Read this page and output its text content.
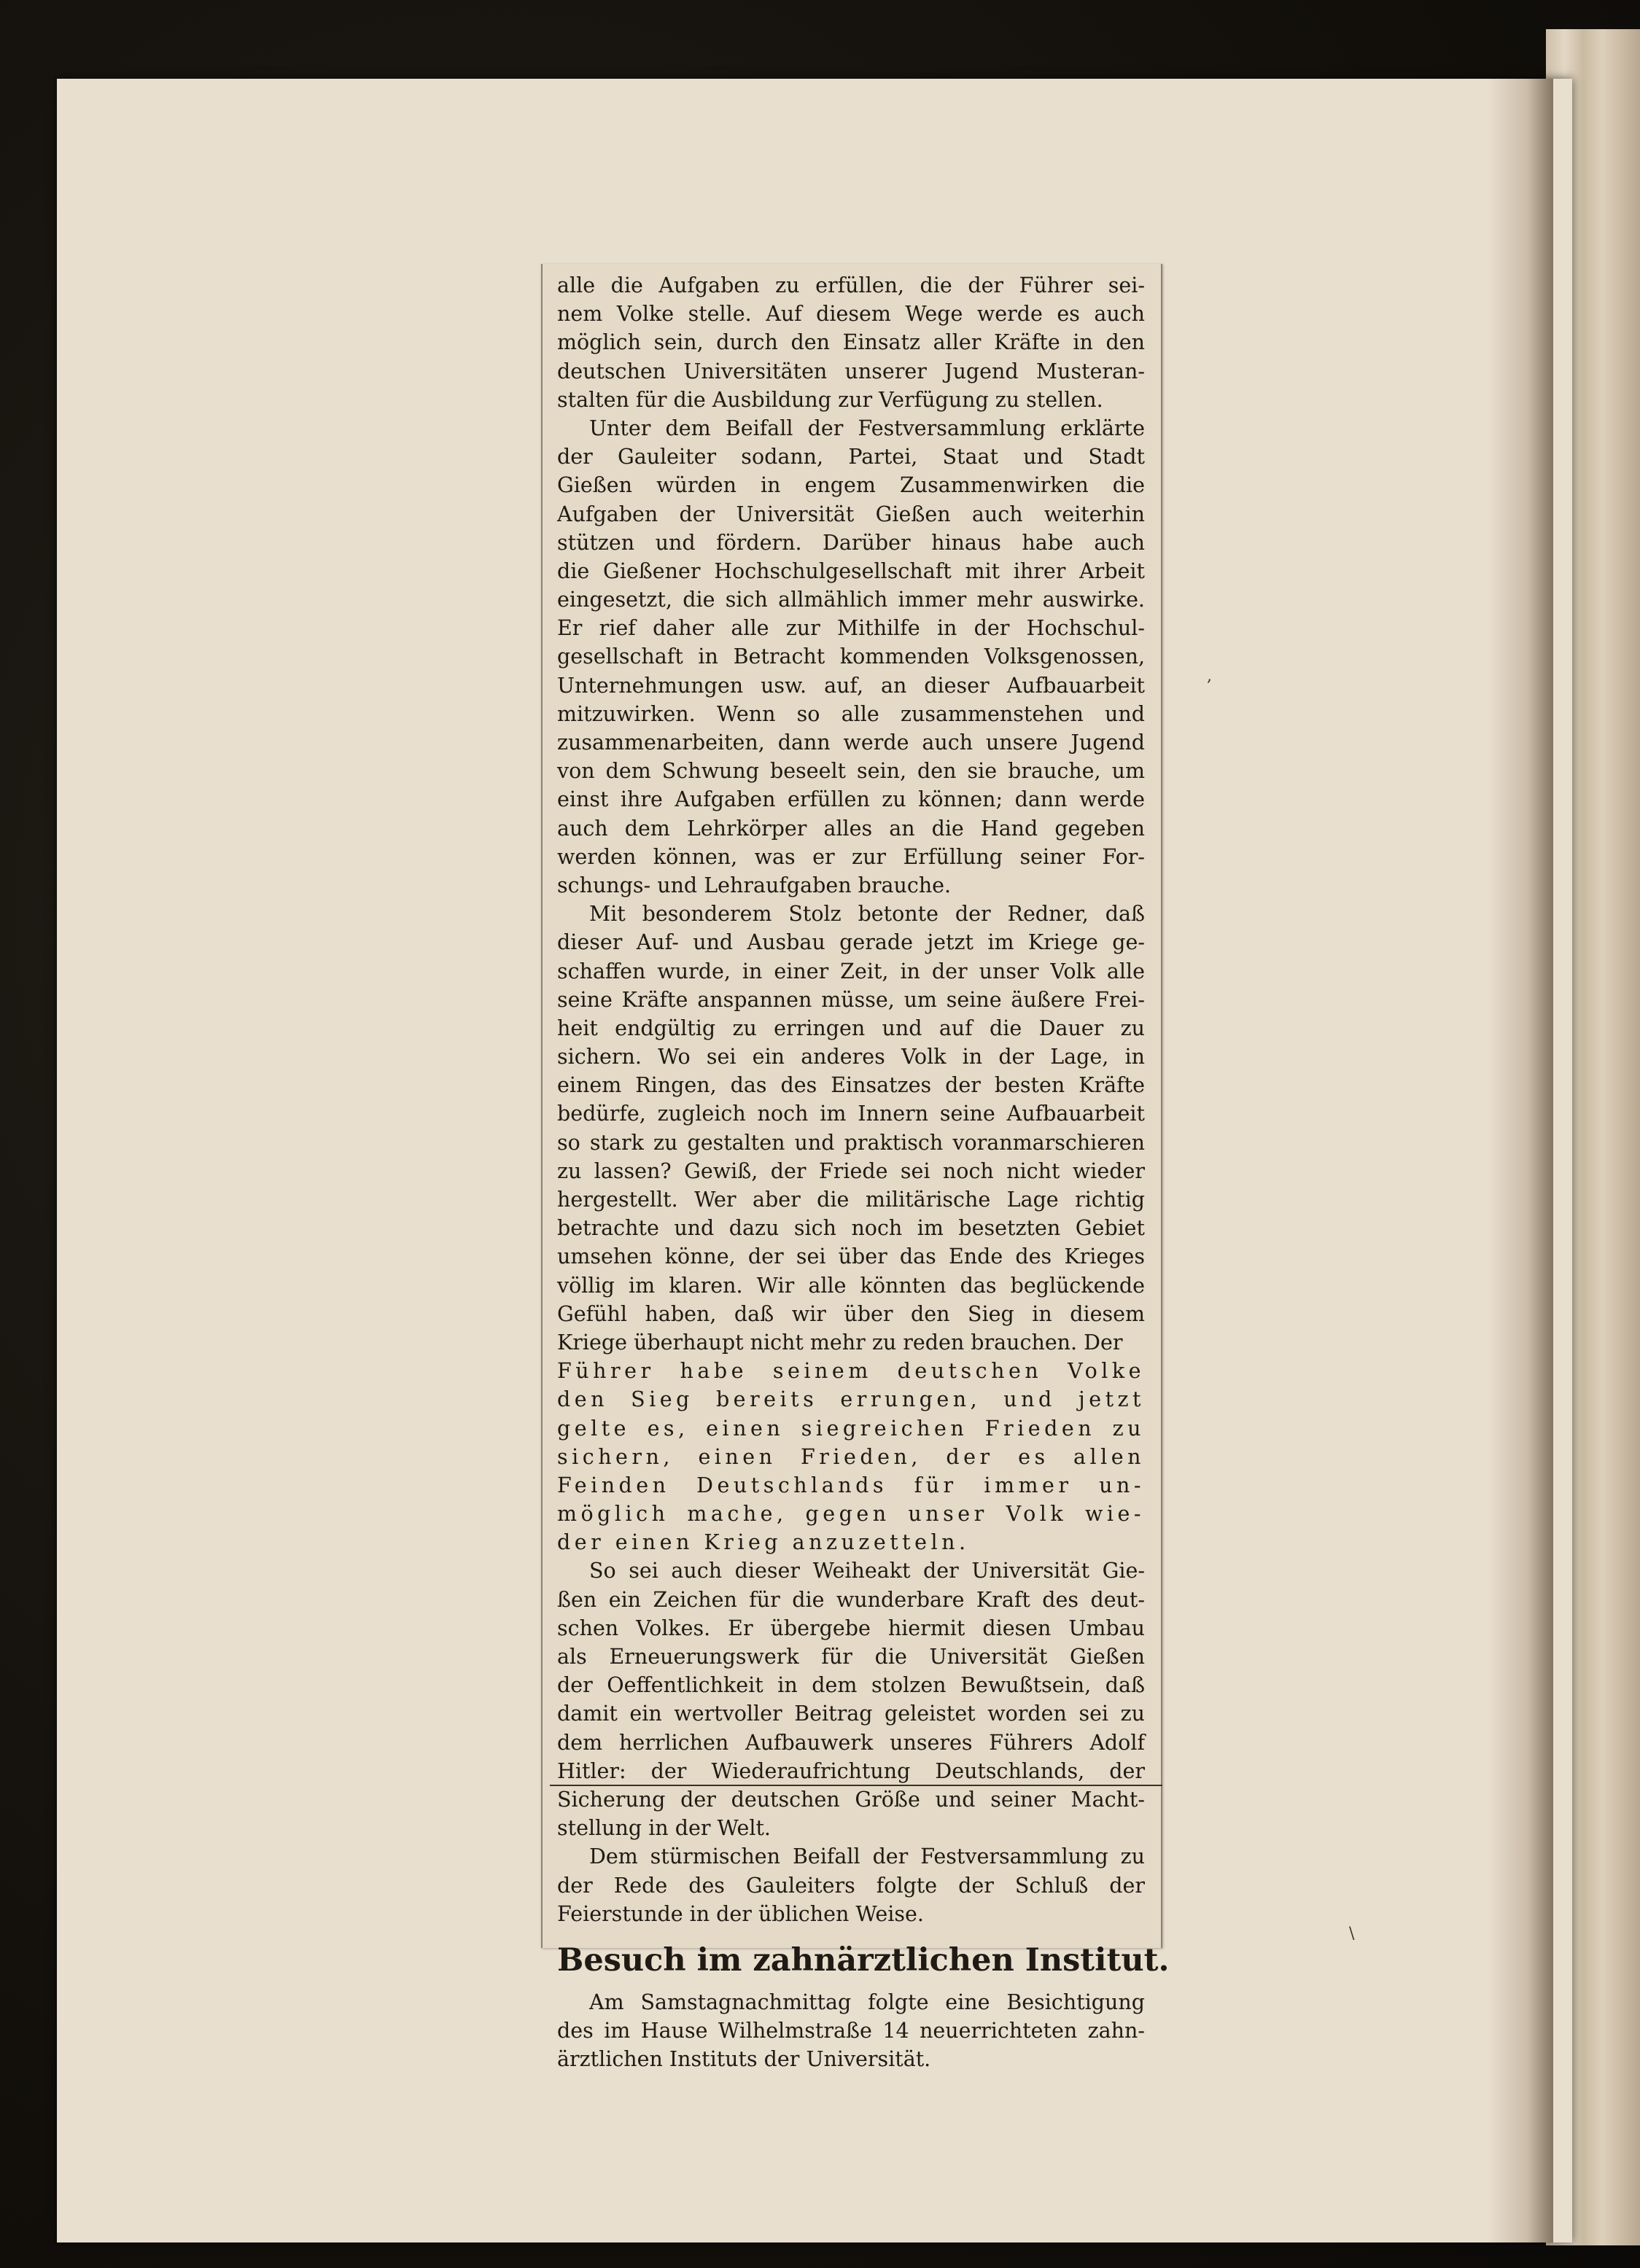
alle die Aufgaben zu erfüllen, die der Führer sei-
nem Volke stelle. Auf diesem Wege werde es auch
möglich sein, durch den Einsatz aller Kräfte in den
deutschen Universitäten unserer Jugend Musteran-
stalten für die Ausbildung zur Verfügung zu stellen.
Unter dem Beifall der Festversammlung erklärte
der Gauleiter sodann, Partei, Staat und Stadt
Gießen würden in engem Zusammenwirken die
Aufgaben der Universität Gießen auch weiterhin
stützen und fördern. Darüber hinaus habe auch
die Gießener Hochschulgesellschaft mit ihrer Arbeit
eingesetzt, die sich allmählich immer mehr auswirke.
Er rief daher alle zur Mithilfe in der Hochschul-
gesellschaft in Betracht kommenden Volksgenossen,
Unternehmungen usw. auf, an dieser Aufbauarbeit
mitzuwirken. Wenn so alle zusammenstehen und
zusammenarbeiten, dann werde auch unsere Jugend
von dem Schwung beseelt sein, den sie brauche, um
einst ihre Aufgaben erfüllen zu können; dann werde
auch dem Lehrkörper alles an die Hand gegeben
werden können, was er zur Erfüllung seiner For-
schungs- und Lehraufgaben brauche.
Mit besonderem Stolz betonte der Redner, daß
dieser Auf- und Ausbau gerade jetzt im Kriege ge-
schaffen wurde, in einer Zeit, in der unser Volk alle
seine Kräfte anspannen müsse, um seine äußere Frei-
heit endgültig zu erringen und auf die Dauer zu
sichern. Wo sei ein anderes Volk in der Lage, in
einem Ringen, das des Einsatzes der besten Kräfte
bedürfe, zugleich noch im Innern seine Aufbauarbeit
so stark zu gestalten und praktisch voranmarschieren
zu lassen? Gewiß, der Friede sei noch nicht wieder
hergestellt. Wer aber die militärische Lage richtig
betrachte und dazu sich noch im besetzten Gebiet
umsehen könne, der sei über das Ende des Krieges
völlig im klaren. Wir alle könnten das beglückende
Gefühl haben, daß wir über den Sieg in diesem
Kriege überhaupt nicht mehr zu reden brauchen. Der
Führer habe seinem deutschen Volke
den Sieg bereits errungen, und jetzt
gelte es, einen siegreichen Frieden zu
sichern, einen Frieden, der es allen
Feinden Deutschlands für immer un-
möglich mache, gegen unser Volk wie-
der einen Krieg anzuzetteln.
So sei auch dieser Weiheakt der Universität Gie-
ßen ein Zeichen für die wunderbare Kraft des deut-
schen Volkes. Er übergebe hiermit diesen Umbau
als Erneuerungswerk für die Universität Gießen
der Oeffentlichkeit in dem stolzen Bewußtsein, daß
damit ein wertvoller Beitrag geleistet worden sei zu
dem herrlichen Aufbauwerk unseres Führers Adolf
Hitler: der Wiederaufrichtung Deutschlands, der
Sicherung der deutschen Größe und seiner Macht-
stellung in der Welt.
Dem stürmischen Beifall der Festversammlung zu
der Rede des Gauleiters folgte der Schluß der
Feierstunde in der üblichen Weise.
Besuch im zahnärztlichen Institut.
Am Samstagnachmittag folgte eine Besichtigung
des im Hause Wilhelmstraße 14 neuerrichteten zahn-
ärztlichen Instituts der Universität.
,
\
